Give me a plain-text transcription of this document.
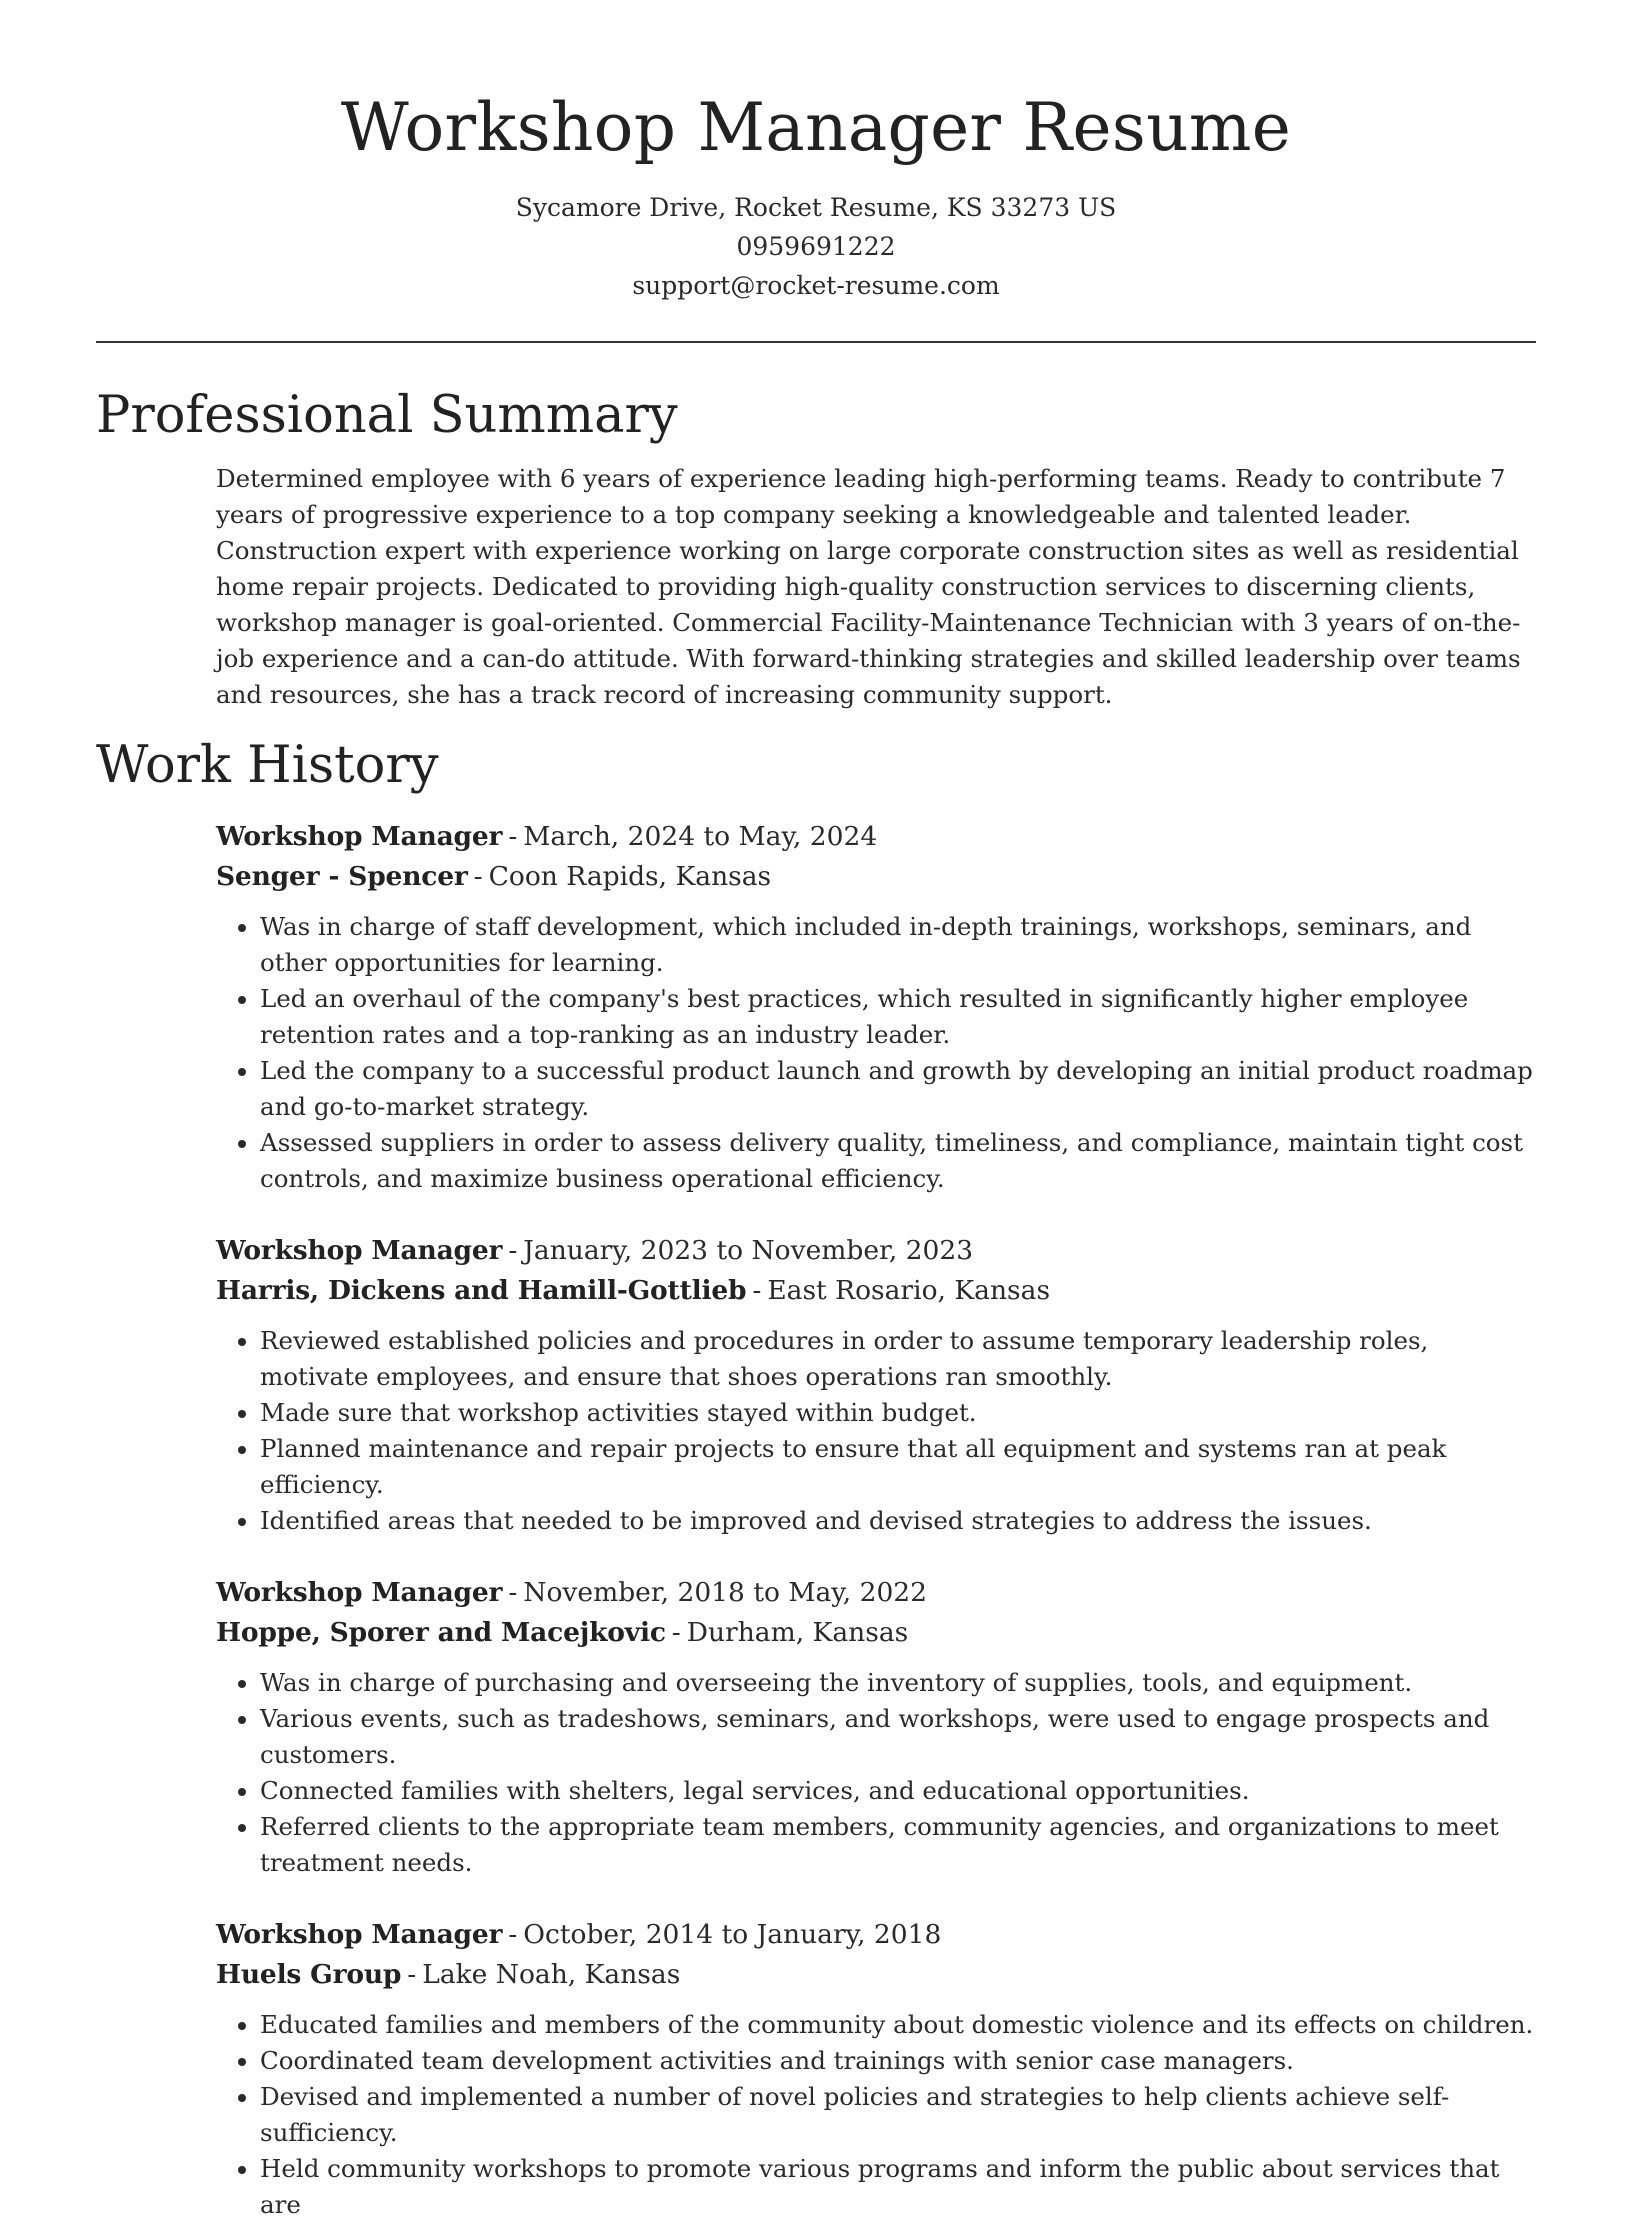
Workshop Manager Resume
Sycamore Drive, Rocket Resume, KS 33273 US
0959691222
support@rocket-resume.com
Professional Summary

Determined employee with 6 years of experience leading high-performing teams. Ready to contribute 7 years of progressive experience to a top company seeking a knowledgeable and talented leader. Construction expert with experience working on large corporate construction sites as well as residential home repair projects. Dedicated to providing high-quality construction services to discerning clients, workshop manager is goal-oriented. Commercial Facility-Maintenance Technician with 3 years of on-the-job experience and a can-do attitude. With forward-thinking strategies and skilled leadership over teams and resources, she has a track record of increasing community support.

Work History
Workshop Manager - March, 2024 to May, 2024
Senger - Spencer - Coon Rapids, Kansas
• Was in charge of staff development, which included in-depth trainings, workshops, seminars, and other opportunities for learning.
• Led an overhaul of the company's best practices, which resulted in significantly higher employee retention rates and a top-ranking as an industry leader.
• Led the company to a successful product launch and growth by developing an initial product roadmap and go-to-market strategy.
• Assessed suppliers in order to assess delivery quality, timeliness, and compliance, maintain tight cost controls, and maximize business operational efficiency.
Workshop Manager - January, 2023 to November, 2023
Harris, Dickens and Hamill-Gottlieb - East Rosario, Kansas
• Reviewed established policies and procedures in order to assume temporary leadership roles, motivate employees, and ensure that shoes operations ran smoothly.
• Made sure that workshop activities stayed within budget.
• Planned maintenance and repair projects to ensure that all equipment and systems ran at peak efficiency.
• Identified areas that needed to be improved and devised strategies to address the issues.
Workshop Manager - November, 2018 to May, 2022
Hoppe, Sporer and Macejkovic - Durham, Kansas
• Was in charge of purchasing and overseeing the inventory of supplies, tools, and equipment.
• Various events, such as tradeshows, seminars, and workshops, were used to engage prospects and customers.
• Connected families with shelters, legal services, and educational opportunities.
• Referred clients to the appropriate team members, community agencies, and organizations to meet treatment needs.
Workshop Manager - October, 2014 to January, 2018
Huels Group - Lake Noah, Kansas
• Educated families and members of the community about domestic violence and its effects on children.
• Coordinated team development activities and trainings with senior case managers.
• Devised and implemented a number of novel policies and strategies to help clients achieve self-sufficiency.
• Held community workshops to promote various programs and inform the public about services that are
